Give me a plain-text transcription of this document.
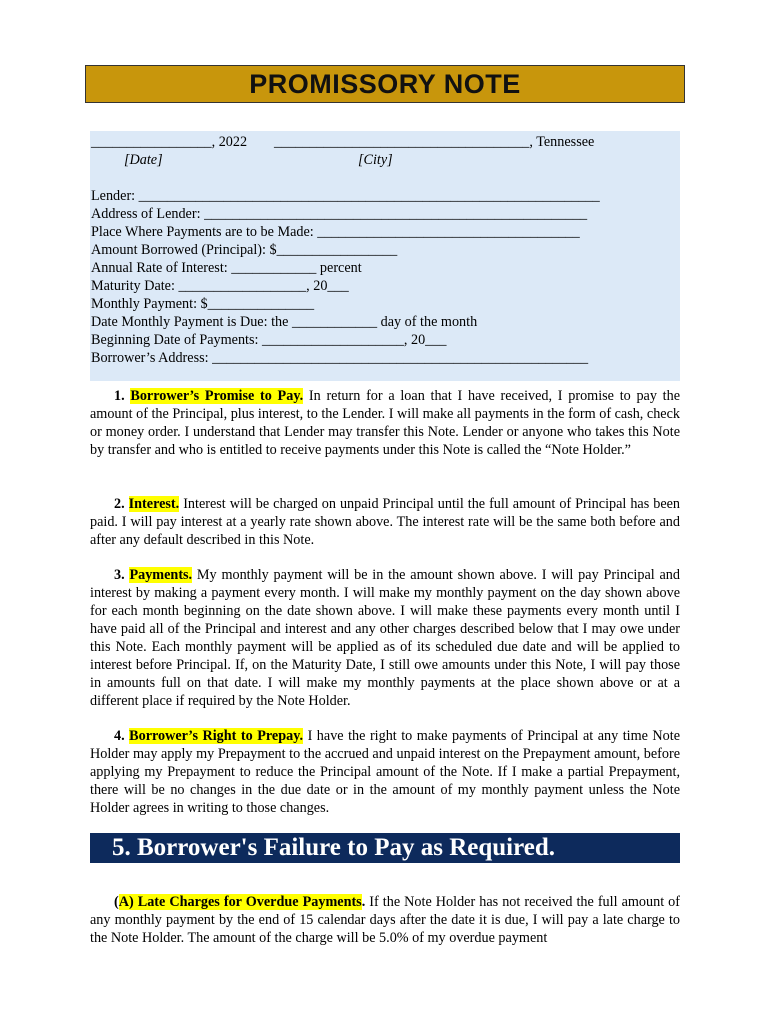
PROMISSORY NOTE
_________________, 2022 ____________________________________, Tennessee
[Date]	[City]
Lender: _________________________________________________________________
Address of Lender: ______________________________________________________
Place Where Payments are to be Made: _____________________________________
Amount Borrowed (Principal): $_________________
Annual Rate of Interest: ____________ percent
Maturity Date: __________________, 20___
Monthly Payment: $_______________
Date Monthly Payment is Due: the ____________ day of the month
Beginning Date of Payments: ____________________, 20___
Borrower’s Address: _____________________________________________________
1. Borrower’s Promise to Pay. In return for a loan that I have received, I promise to pay the amount of the Principal, plus interest, to the Lender. I will make all payments in the form of cash, check or money order. I understand that Lender may transfer this Note. Lender or anyone who takes this Note by transfer and who is entitled to receive payments under this Note is called the “Note Holder.”
2. Interest. Interest will be charged on unpaid Principal until the full amount of Principal has been paid. I will pay interest at a yearly rate shown above. The interest rate will be the same both before and after any default described in this Note.
3. Payments. My monthly payment will be in the amount shown above. I will pay Principal and interest by making a payment every month. I will make my monthly payment on the day shown above for each month beginning on the date shown above. I will make these payments every month until I have paid all of the Principal and interest and any other charges described below that I may owe under this Note. Each monthly payment will be applied as of its scheduled due date and will be applied to interest before Principal. If, on the Maturity Date, I still owe amounts under this Note, I will pay those in amounts full on that date. I will make my monthly payments at the place shown above or at a different place if required by the Note Holder.
4. Borrower’s Right to Prepay. I have the right to make payments of Principal at any time Note Holder may apply my Prepayment to the accrued and unpaid interest on the Prepayment amount, before applying my Prepayment to reduce the Principal amount of the Note. If I make a partial Prepayment, there will be no changes in the due date or in the amount of my monthly payment unless the Note Holder agrees in writing to those changes.
5. Borrower's Failure to Pay as Required.
(A) Late Charges for Overdue Payments. If the Note Holder has not received the full amount of any monthly payment by the end of 15 calendar days after the date it is due, I will pay a late charge to the Note Holder. The amount of the charge will be 5.0% of my overdue payment
